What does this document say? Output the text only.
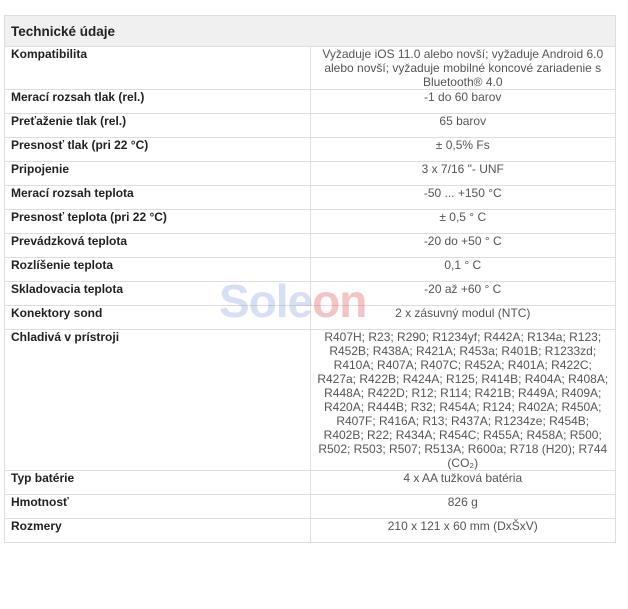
Technické údaje	
Kompatibilita	Vyžaduje iOS 11.0 alebo novší; vyžaduje Android 6.0 alebo novší; vyžaduje mobilné koncové zariadenie s Bluetooth® 4.0
Merací rozsah tlak (rel.)	-1 do 60 barov
Preťaženie tlak (rel.)	65 barov
Presnosť tlak (pri 22 °C)	± 0,5% Fs
Pripojenie	3 x 7/16 "- UNF
Merací rozsah teplota	-50 ... +150 °C
Presnosť teplota (pri 22 °C)	± 0,5 ° C
Prevádzková teplota	-20 do +50 ° C
Rozlíšenie teplota	0,1 ° C
Skladovacia teplota	-20 až +60 ° C
Konektory sond	2 x zásuvný modul (NTC)
Chladivá v prístroji	R407H; R23; R290; R1234yf; R442A; R134a; R123; R452B; R438A; R421A; R453a; R401B; R1233zd; R410A; R407A; R407C; R452A; R401A; R422C; R427a; R422B; R424A; R125; R414B; R404A; R408A; R448A; R422D; R12; R114; R421B; R449A; R409A; R420A; R444B; R32; R454A; R124; R402A; R450A; R407F; R416A; R13; R437A; R1234ze; R454B; R402B; R22; R434A; R454C; R455A; R458A; R500; R502; R503; R507; R513A; R600a; R718 (H20); R744 (CO₂)
Typ batérie	4 x AA tužková batéria
Hmotnosť	826 g
Rozmery	210 x 121 x 60 mm (DxŠxV)
Soleon
